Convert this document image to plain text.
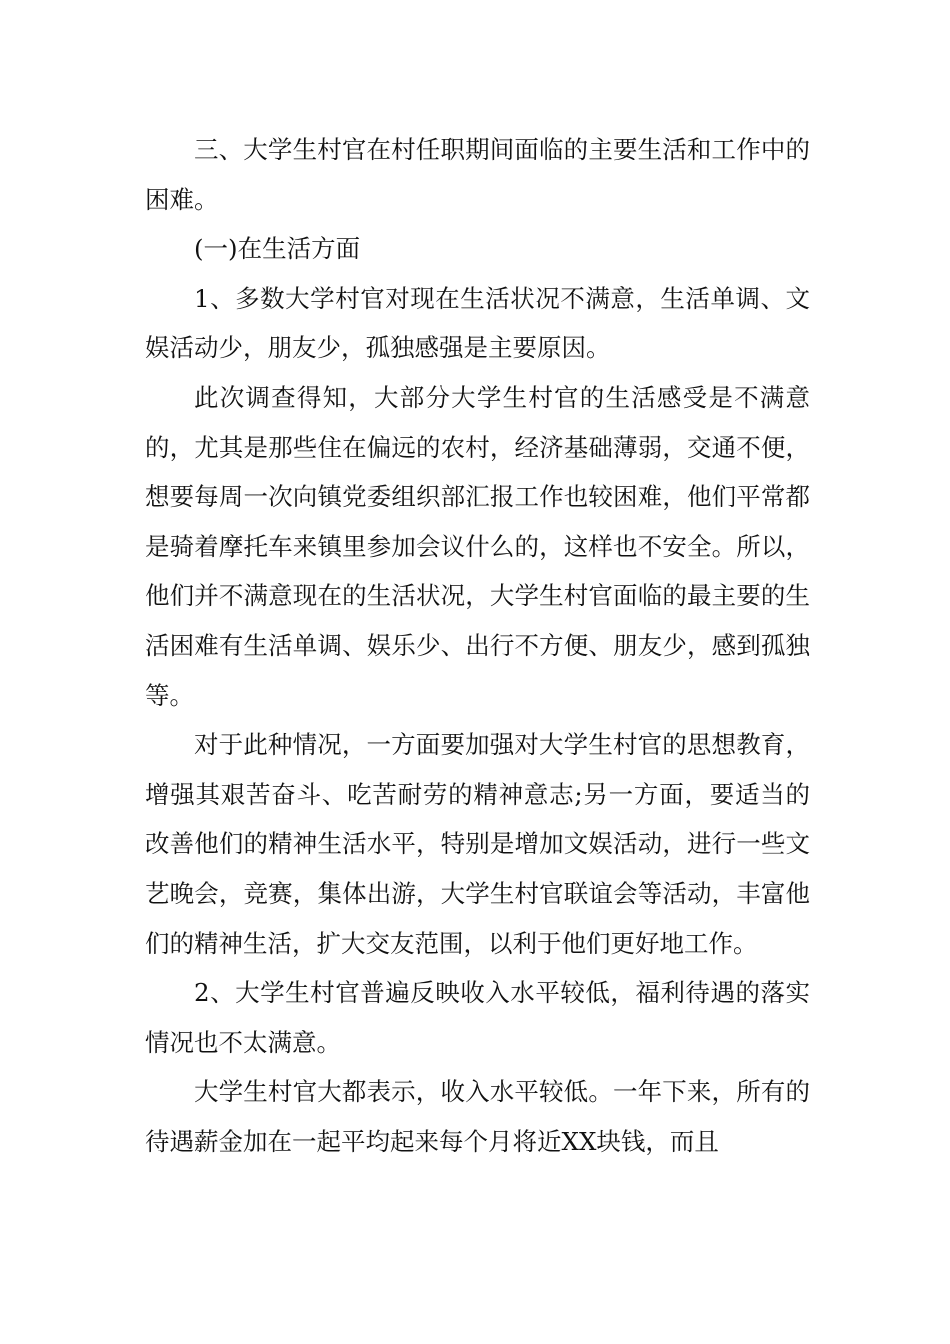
三、大学生村官在村任职期间面临的主要生活和工作中的困难。

(一)在生活方面

1、多数大学村官对现在生活状况不满意，生活单调、文娱活动少，朋友少，孤独感强是主要原因。

此次调查得知，大部分大学生村官的生活感受是不满意的，尤其是那些住在偏远的农村，经济基础薄弱，交通不便，想要每周一次向镇党委组织部汇报工作也较困难，他们平常都是骑着摩托车来镇里参加会议什么的，这样也不安全。所以，他们并不满意现在的生活状况，大学生村官面临的最主要的生活困难有生活单调、娱乐少、出行不方便、朋友少，感到孤独等。

对于此种情况，一方面要加强对大学生村官的思想教育，增强其艰苦奋斗、吃苦耐劳的精神意志;另一方面，要适当的改善他们的精神生活水平，特别是增加文娱活动，进行一些文艺晚会，竞赛，集体出游，大学生村官联谊会等活动，丰富他们的精神生活，扩大交友范围，以利于他们更好地工作。

2、大学生村官普遍反映收入水平较低，福利待遇的落实情况也不太满意。

大学生村官大都表示，收入水平较低。一年下来，所有的待遇薪金加在一起平均起来每个月将近XX块钱，而且
